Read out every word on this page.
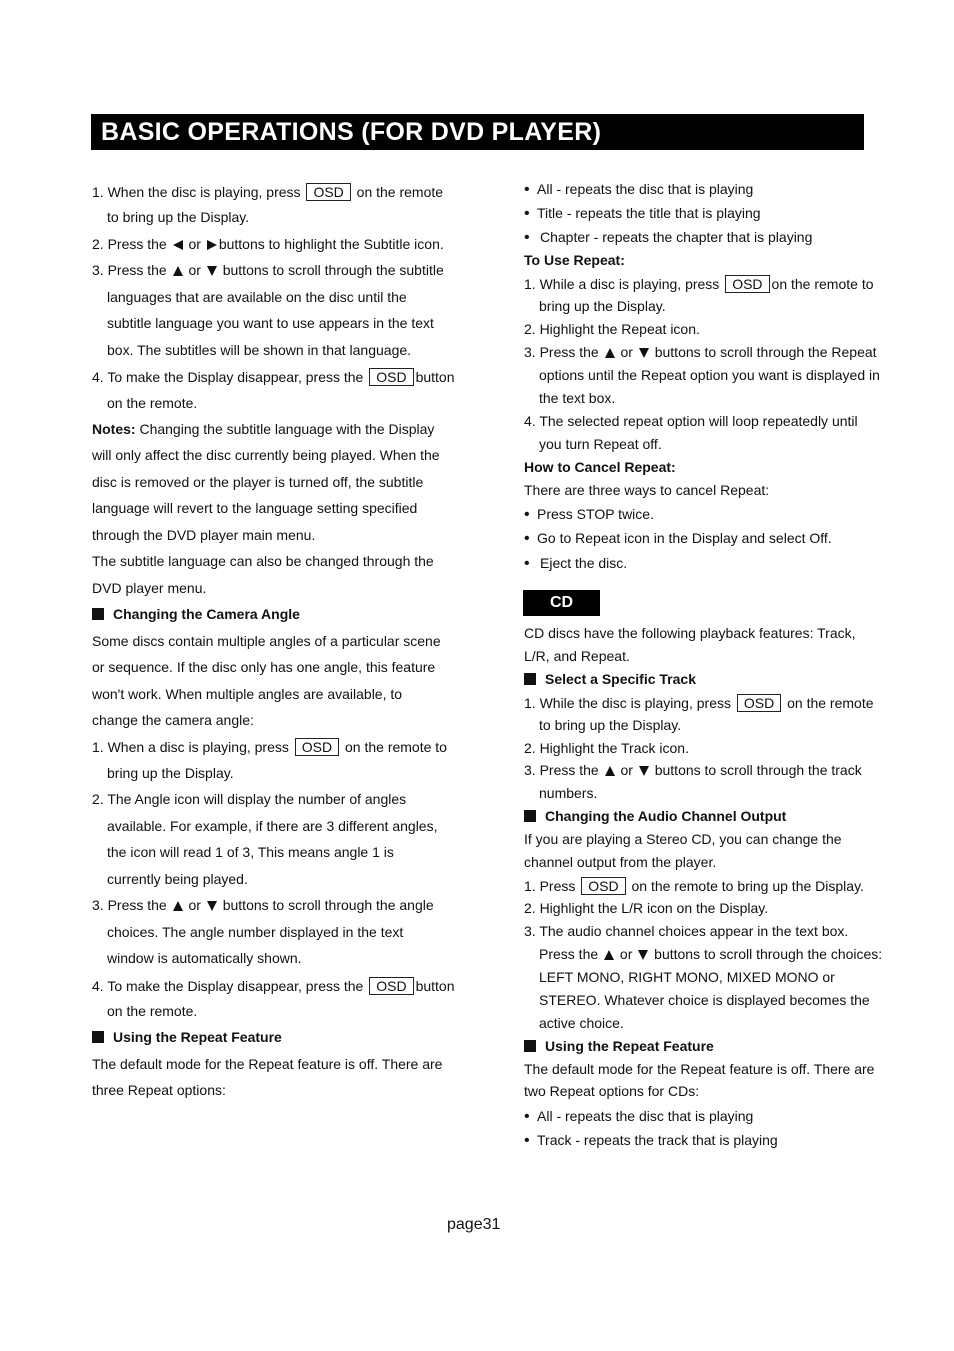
BASIC OPERATIONS (FOR DVD PLAYER)
1. When the disc is playing, press OSD on the remote
to bring up the Display.
2. Press the or buttons to highlight the Subtitle icon.
3. Press the or buttons to scroll through the subtitle
languages that are available on the disc until the
subtitle language you want to use appears in the text
box. The subtitles will be shown in that language.
4. To make the Display disappear, press the OSD button
on the remote.
Notes: Changing the subtitle language with the Display
will only affect the disc currently being played. When the
disc is removed or the player is turned off, the subtitle
language will revert to the language setting specified
through the DVD player main menu.
The subtitle language can also be changed through the
DVD player menu.
Changing the Camera Angle
Some discs contain multiple angles of a particular scene
or sequence. If the disc only has one angle, this feature
won't work. When multiple angles are available, to
change the camera angle:
1. When a disc is playing, press OSD on the remote to
bring up the Display.
2. The Angle icon will display the number of angles
available. For example, if there are 3 different angles,
the icon will read 1 of 3, This means angle 1 is
currently being played.
3. Press the or buttons to scroll through the angle
choices. The angle number displayed in the text
window is automatically shown.
4. To make the Display disappear, press the OSD button
on the remote.
Using the Repeat Feature
The default mode for the Repeat feature is off. There are
three Repeat options:
• All - repeats the disc that is playing
• Title - repeats the title that is playing
• Chapter - repeats the chapter that is playing
To Use Repeat:
1. While a disc is playing, press OSD on the remote to
bring up the Display.
2. Highlight the Repeat icon.
3. Press the or buttons to scroll through the Repeat
options until the Repeat option you want is displayed in
the text box.
4. The selected repeat option will loop repeatedly until
you turn Repeat off.
How to Cancel Repeat:
There are three ways to cancel Repeat:
• Press STOP twice.
• Go to Repeat icon in the Display and select Off.
• Eject the disc.
CD
CD discs have the following playback features: Track,
L/R, and Repeat.
Select a Specific Track
1. While the disc is playing, press OSD on the remote
to bring up the Display.
2. Highlight the Track icon.
3. Press the or buttons to scroll through the track
numbers.
Changing the Audio Channel Output
If you are playing a Stereo CD, you can change the
channel output from the player.
1. Press OSD on the remote to bring up the Display.
2. Highlight the L/R icon on the Display.
3. The audio channel choices appear in the text box.
Press the or buttons to scroll through the choices:
LEFT MONO, RIGHT MONO, MIXED MONO or
STEREO. Whatever choice is displayed becomes the
active choice.
Using the Repeat Feature
The default mode for the Repeat feature is off. There are
two Repeat options for CDs:
• All - repeats the disc that is playing
• Track - repeats the track that is playing
page31
